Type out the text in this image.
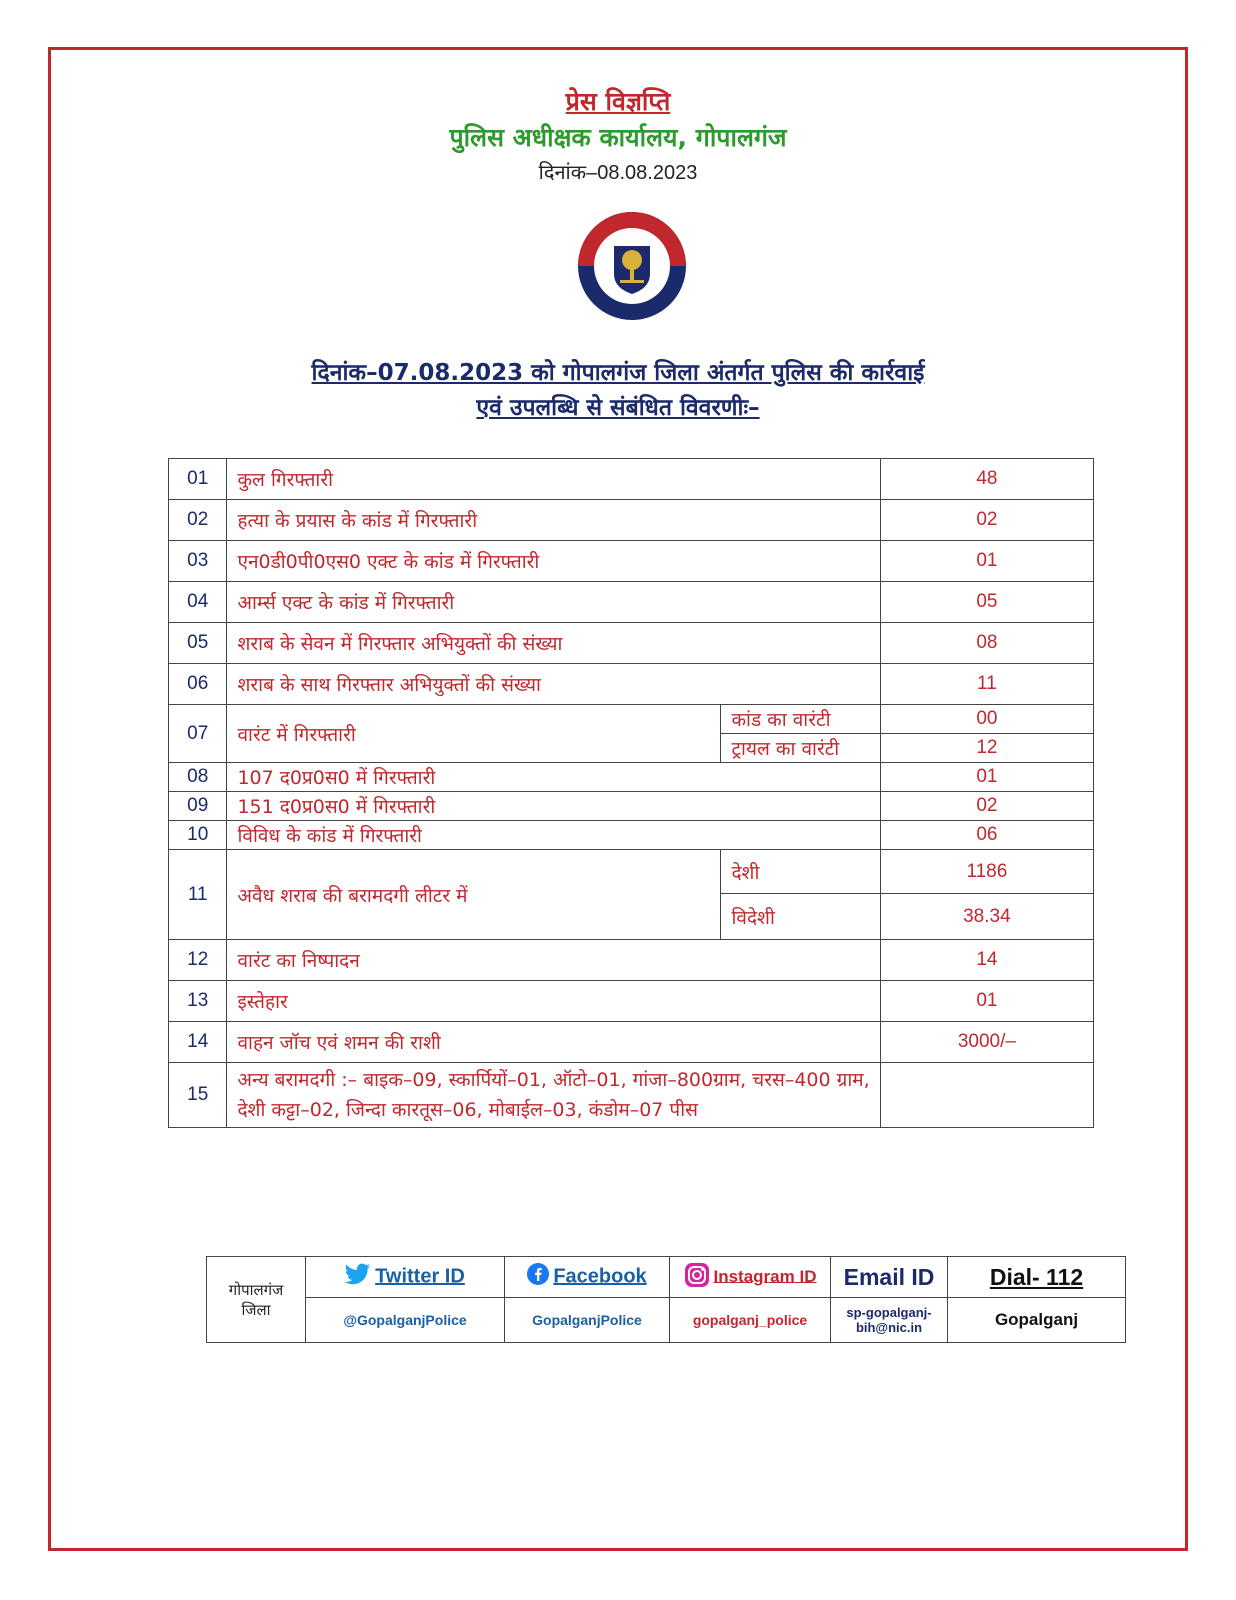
प्रेस विज्ञप्ति
पुलिस अधीक्षक कार्यालय, गोपालगंज
दिनांक–08.08.2023
दिनांक–07.08.2023 को गोपालगंज जिला अंतर्गत पुलिस की कार्रवाई
एवं उपलब्धि से संबंधित विवरणीः–
01	कुल गिरफ्तारी		48
02	हत्या के प्रयास के कांड में गिरफ्तारी		02
03	एन0डी0पी0एस0 एक्ट के कांड में गिरफ्तारी		01
04	आर्म्स एक्ट के कांड में गिरफ्तारी		05
05	शराब के सेवन में गिरफ्तार अभियुक्तों की संख्या		08
06	शराब के साथ गिरफ्तार अभियुक्तों की संख्या		11
07	वारंट में गिरफ्तारी	कांड का वारंटी	00
		ट्रायल का वारंटी	12
08	107 द0प्र0स0 में गिरफ्तारी		01
09	151 द0प्र0स0 में गिरफ्तारी		02
10	विविध के कांड में गिरफ्तारी		06
11	अवैध शराब की बरामदगी लीटर में	देशी	1186
		विदेशी	38.34
12	वारंट का निष्पादन		14
13	इस्तेहार		01
14	वाहन जॉच एवं शमन की राशी		3000/–
15	अन्य बरामदगी :– बाइक–09, स्कार्पियों–01, ऑटो–01, गांजा–800ग्राम, चरस–400 ग्राम, देशी कट्टा–02, जिन्दा कारतूस–06, मोबाईल–03, कंडोम–07 पीस		
गोपालगंज जिला	Twitter ID	Facebook	Instagram ID	Email ID	Dial- 112
	@GopalganjPolice	GopalganjPolice	gopalganj_police	sp-gopalganj-bih@nic.in	Gopalganj
